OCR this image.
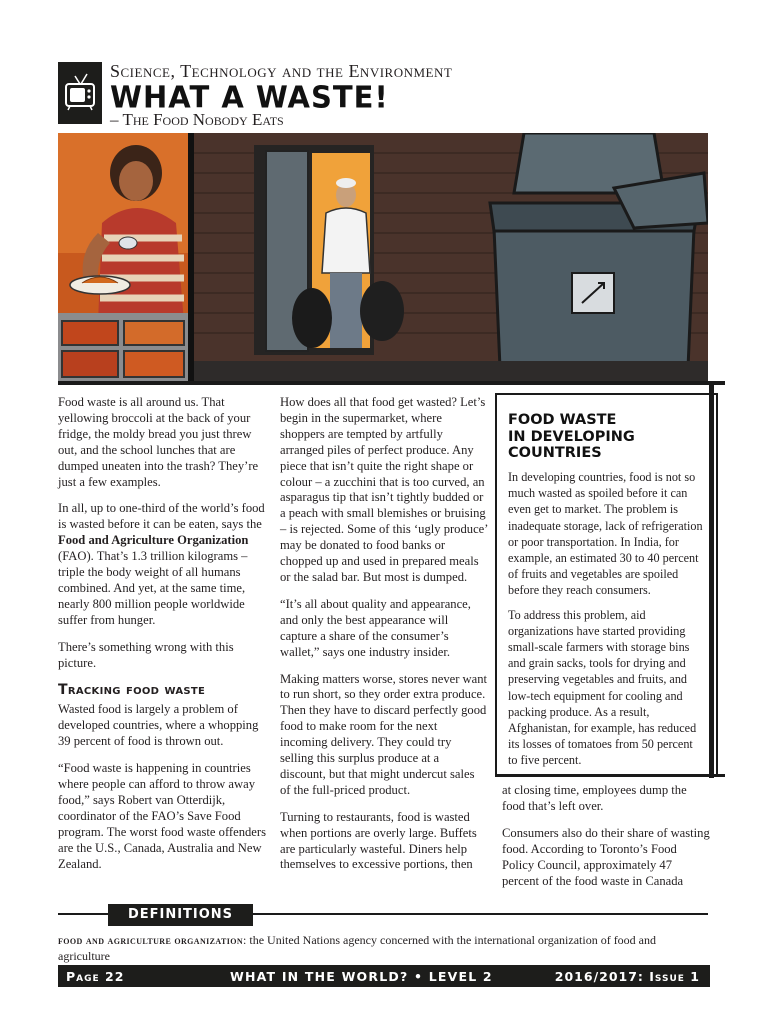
Science, Technology and the Environment
WHAT A WASTE!
– The Food Nobody Eats

Food waste is all around us. That yellowing broccoli at the back of your fridge, the moldy bread you just threw out, and the school lunches that are dumped uneaten into the trash? They’re just a few examples.

In all, up to one-third of the world’s food is wasted before it can be eaten, says the Food and Agriculture Organization (FAO). That’s 1.3 trillion kilograms – triple the body weight of all humans combined. And yet, at the same time, nearly 800 million people worldwide suffer from hunger.

There’s something wrong with this picture.

Tracking food waste

Wasted food is largely a problem of developed countries, where a whopping 39 percent of food is thrown out.

“Food waste is happening in countries where people can afford to throw away food,” says Robert van Otterdijk, coordinator of the FAO’s Save Food program. The worst food waste offenders are the U.S., Canada, Australia and New Zealand.

How does all that food get wasted? Let’s begin in the supermarket, where shoppers are tempted by artfully arranged piles of perfect produce. Any piece that isn’t quite the right shape or colour – a zucchini that is too curved, an asparagus tip that isn’t tightly budded or a peach with small blemishes or bruising – is rejected. Some of this ‘ugly produce’ may be donated to food banks or chopped up and used in prepared meals or the salad bar. But most is dumped.

“It’s all about quality and appearance, and only the best appearance will capture a share of the consumer’s wallet,” says one industry insider.

Making matters worse, stores never want to run short, so they order extra produce. Then they have to discard perfectly good food to make room for the next incoming delivery. They could try selling this surplus produce at a discount, but that might undercut sales of the full-priced product.

Turning to restaurants, food is wasted when portions are overly large. Buffets are particularly wasteful. Diners help themselves to excessive portions, then

FOOD WASTE
IN DEVELOPING
COUNTRIES

In developing countries, food is not so much wasted as spoiled before it can even get to market. The problem is inadequate storage, lack of refrigeration or poor transportation. In India, for example, an estimated 30 to 40 percent of fruits and vegetables are spoiled before they reach consumers.

To address this problem, aid organizations have started providing small-scale farmers with storage bins and grain sacks, tools for drying and preserving vegetables and fruits, and low-tech equipment for cooling and packing produce. As a result, Afghanistan, for example, has reduced its losses of tomatoes from 50 percent to five percent.

at closing time, employees dump the food that’s left over.

Consumers also do their share of wasting food. According to Toronto’s Food Policy Council, approximately 47 percent of the food waste in Canada

DEFINITIONS
food and agriculture organization: the United Nations agency concerned with the international organization of food and agriculture
Page 22	WHAT IN THE WORLD? • LEVEL 2	2016/2017: Issue 1
